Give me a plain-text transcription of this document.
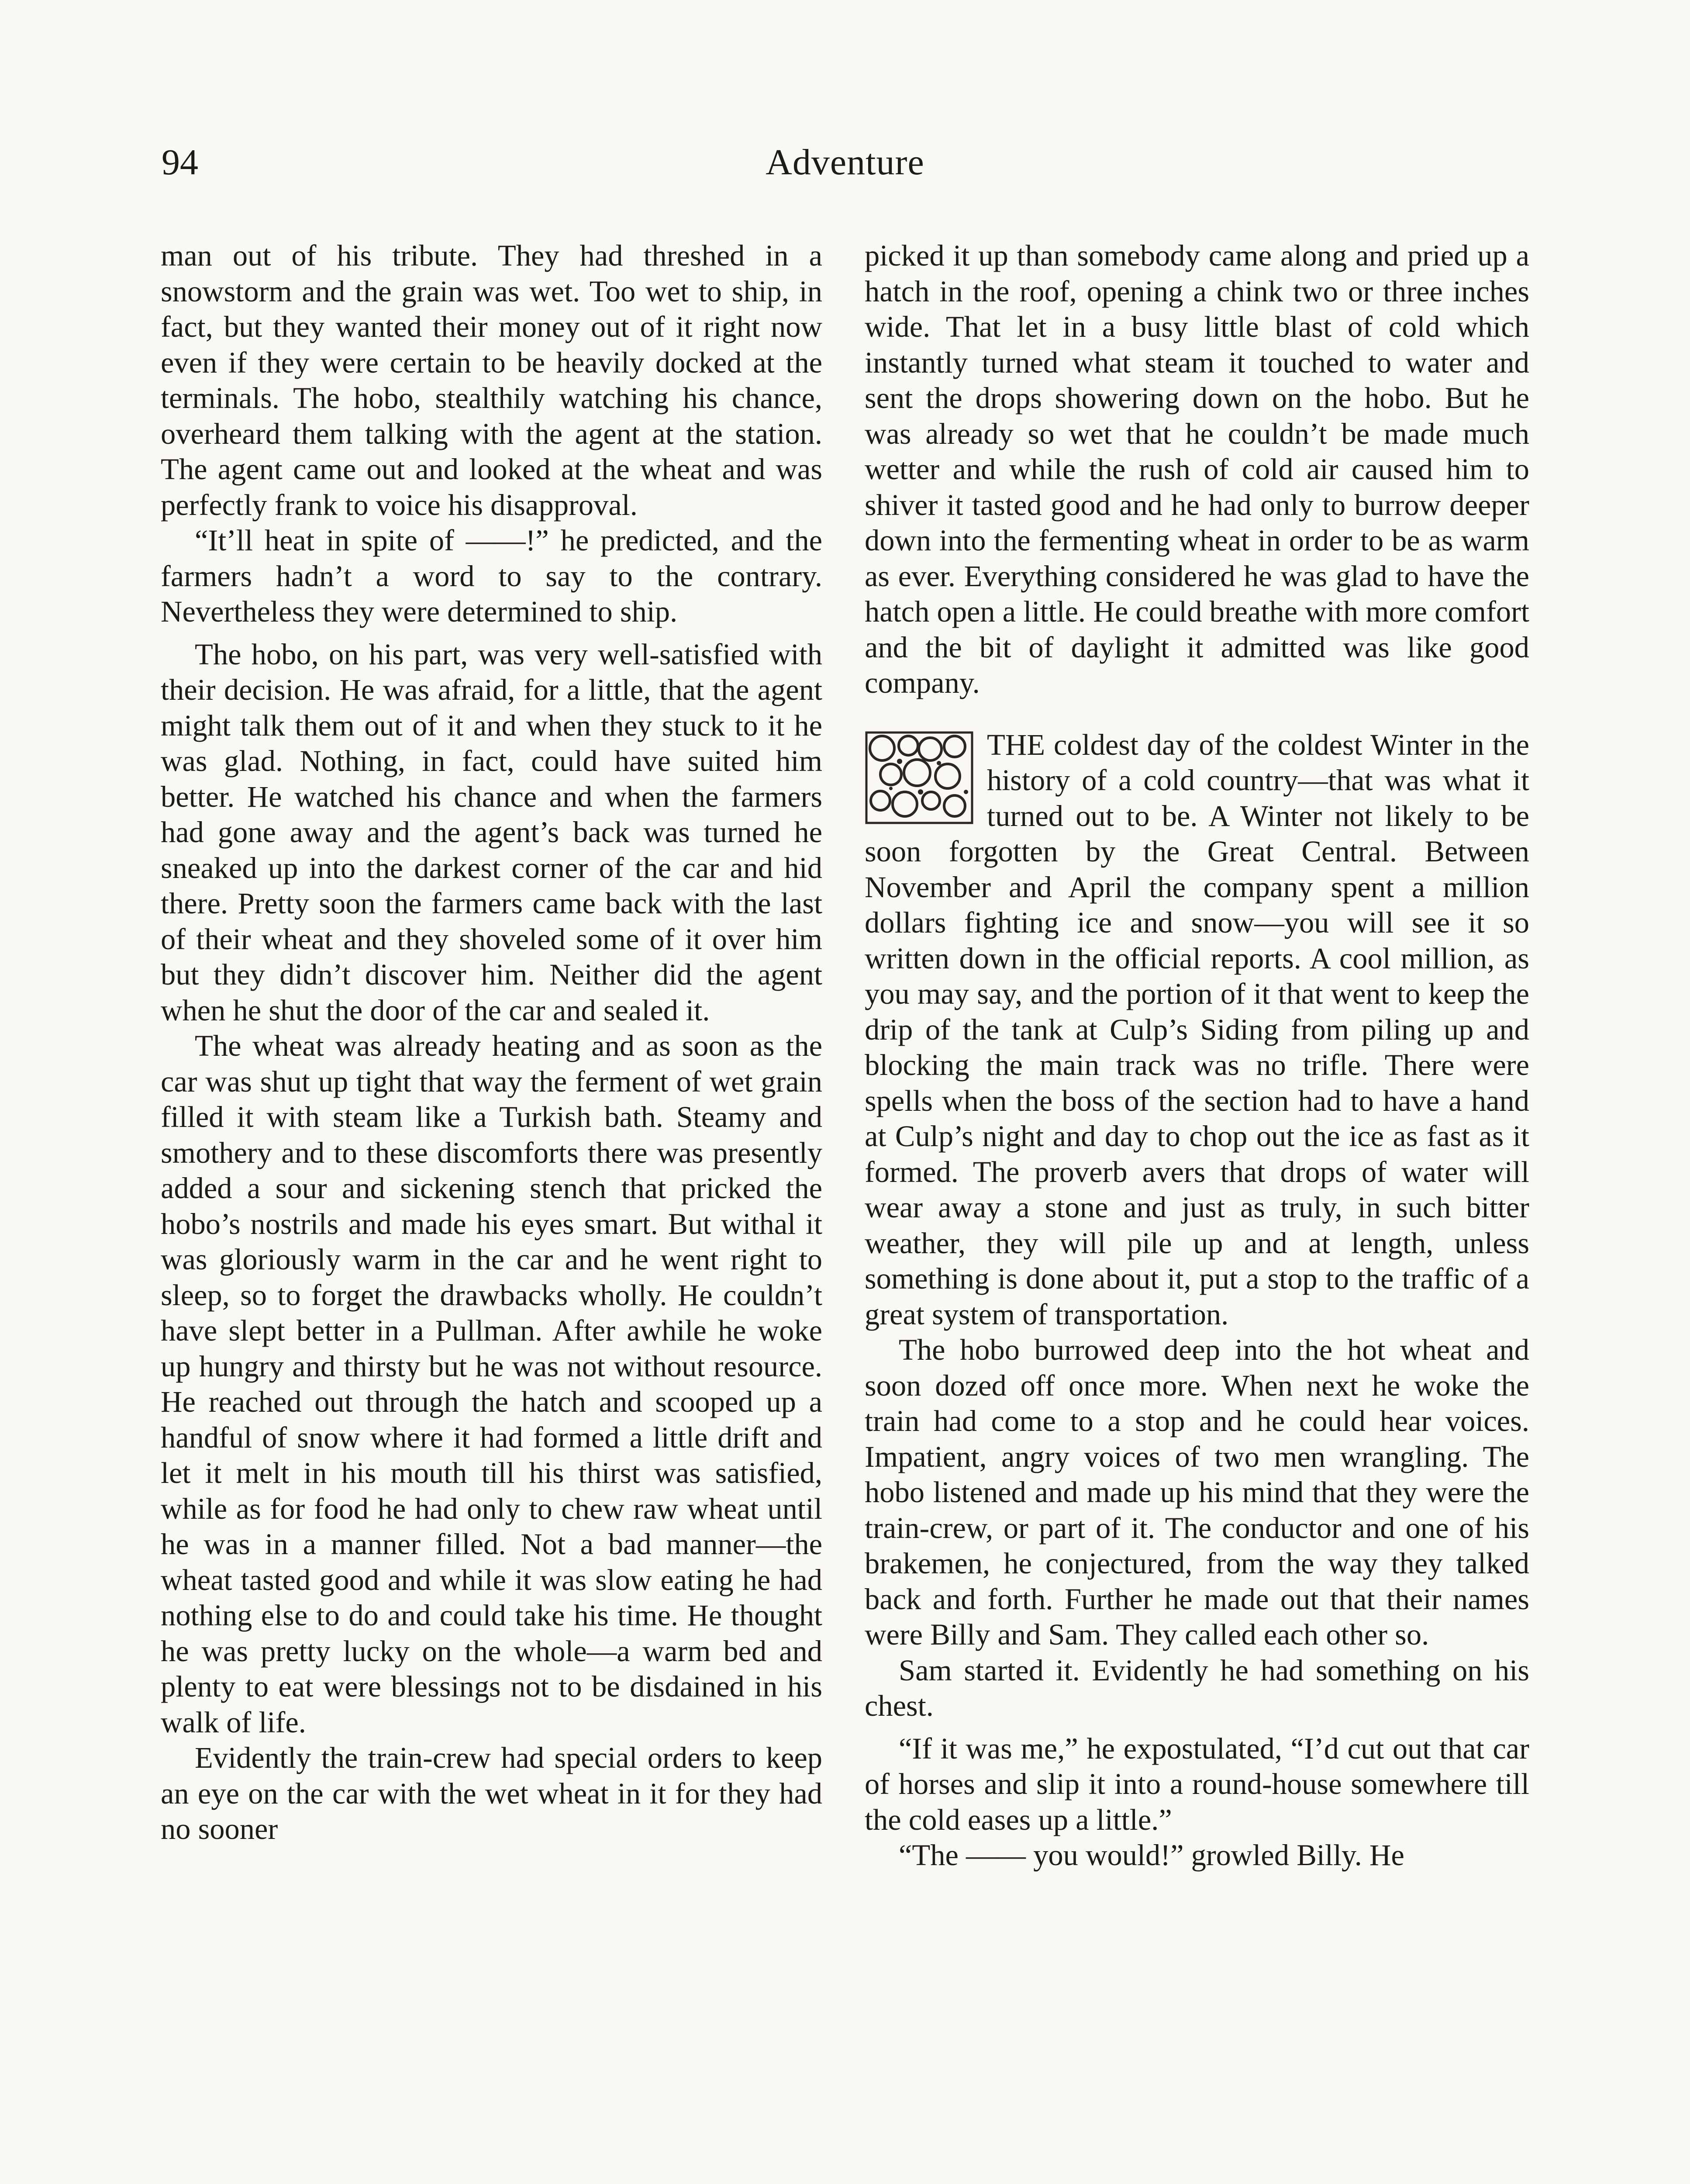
94	Adventure

man out of his tribute. They had threshed in a snowstorm and the grain was wet. Too wet to ship, in fact, but they wanted their money out of it right now even if they were certain to be heavily docked at the terminals. The hobo, stealthily watching his chance, overheard them talking with the agent at the station. The agent came out and looked at the wheat and was perfectly frank to voice his disapproval.

“It’ll heat in spite of ——!” he predicted, and the farmers hadn’t a word to say to the contrary. Nevertheless they were determined to ship.

The hobo, on his part, was very well-satisfied with their decision. He was afraid, for a little, that the agent might talk them out of it and when they stuck to it he was glad. Nothing, in fact, could have suited him better. He watched his chance and when the farmers had gone away and the agent’s back was turned he sneaked up into the darkest corner of the car and hid there. Pretty soon the farmers came back with the last of their wheat and they shoveled some of it over him but they didn’t discover him. Neither did the agent when he shut the door of the car and sealed it.

The wheat was already heating and as soon as the car was shut up tight that way the ferment of wet grain filled it with steam like a Turkish bath. Steamy and smothery and to these discomforts there was presently added a sour and sickening stench that pricked the hobo’s nostrils and made his eyes smart. But withal it was gloriously warm in the car and he went right to sleep, so to forget the drawbacks wholly. He couldn’t have slept better in a Pullman. After awhile he woke up hungry and thirsty but he was not without resource. He reached out through the hatch and scooped up a handful of snow where it had formed a little drift and let it melt in his mouth till his thirst was satisfied, while as for food he had only to chew raw wheat until he was in a manner filled. Not a bad manner—the wheat tasted good and while it was slow eating he had nothing else to do and could take his time. He thought he was pretty lucky on the whole—a warm bed and plenty to eat were blessings not to be disdained in his walk of life.

Evidently the train-crew had special orders to keep an eye on the car with the wet wheat in it for they had no sooner

picked it up than somebody came along and pried up a hatch in the roof, opening a chink two or three inches wide. That let in a busy little blast of cold which instantly turned what steam it touched to water and sent the drops showering down on the hobo. But he was already so wet that he couldn’t be made much wetter and while the rush of cold air caused him to shiver it tasted good and he had only to burrow deeper down into the fermenting wheat in order to be as warm as ever. Everything considered he was glad to have the hatch open a little. He could breathe with more comfort and the bit of daylight it admitted was like good company.

THE coldest day of the coldest Winter in the history of a cold country—that was what it turned out to be. A Winter not likely to be soon forgotten by the Great Central. Between November and April the company spent a million dollars fighting ice and snow—you will see it so written down in the official reports. A cool million, as you may say, and the portion of it that went to keep the drip of the tank at Culp’s Siding from piling up and blocking the main track was no trifle. There were spells when the boss of the section had to have a hand at Culp’s night and day to chop out the ice as fast as it formed. The proverb avers that drops of water will wear away a stone and just as truly, in such bitter weather, they will pile up and at length, unless something is done about it, put a stop to the traffic of a great system of transportation.

The hobo burrowed deep into the hot wheat and soon dozed off once more. When next he woke the train had come to a stop and he could hear voices. Impatient, angry voices of two men wrangling. The hobo listened and made up his mind that they were the train-crew, or part of it. The conductor and one of his brakemen, he conjectured, from the way they talked back and forth. Further he made out that their names were Billy and Sam. They called each other so.

Sam started it. Evidently he had something on his chest.

“If it was me,” he expostulated, “I’d cut out that car of horses and slip it into a round-house somewhere till the cold eases up a little.”

“The —— you would!” growled Billy. He
